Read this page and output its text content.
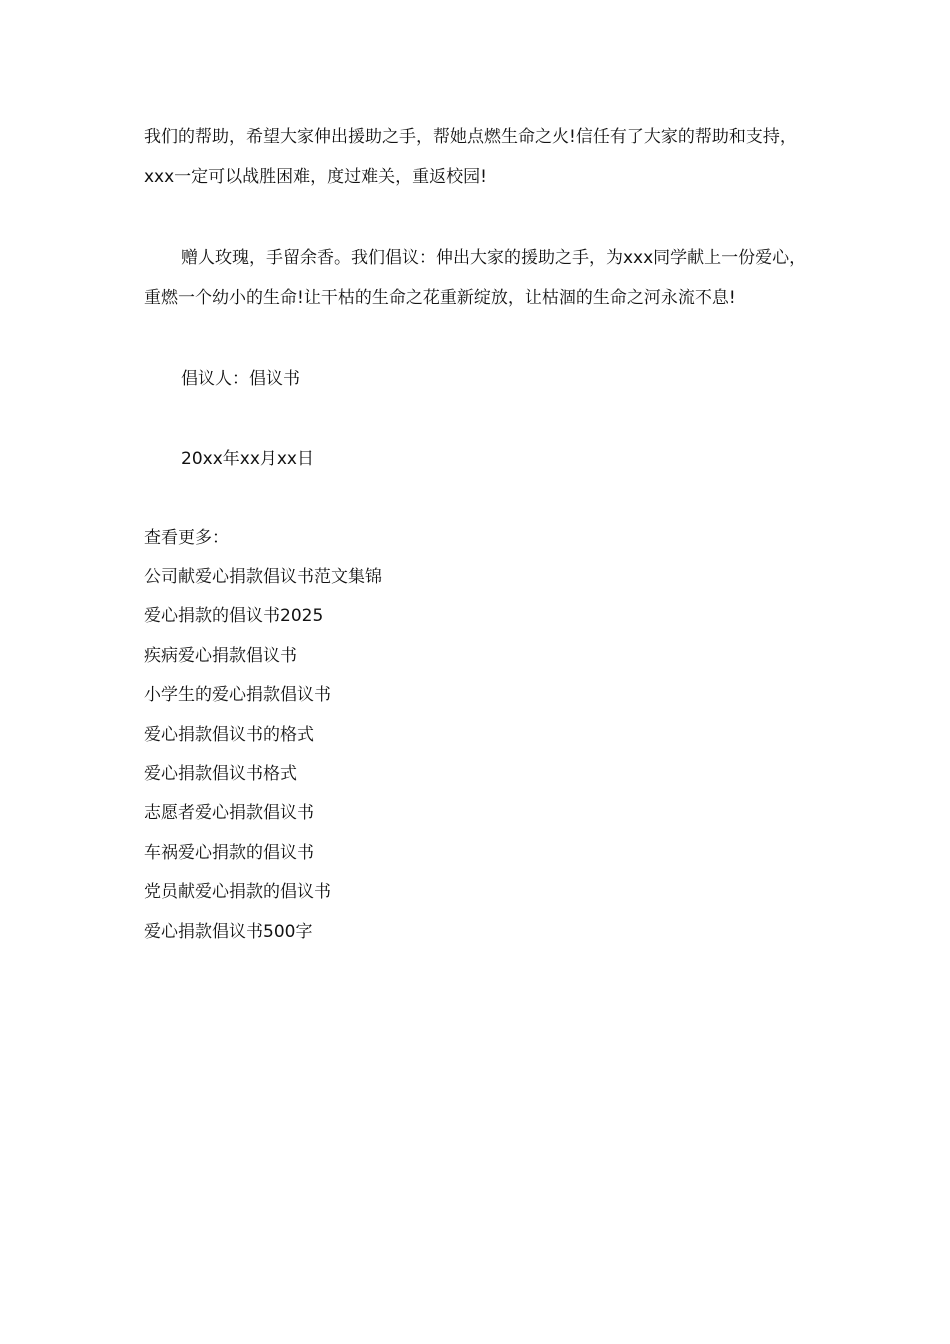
我们的帮助，希望大家伸出援助之手，帮她点燃生命之火!信任有了大家的帮助和支持，xxx一定可以战胜困难，度过难关，重返校园!

赠人玫瑰，手留余香。我们倡议：伸出大家的援助之手，为xxx同学献上一份爱心，重燃一个幼小的生命!让干枯的生命之花重新绽放，让枯涸的生命之河永流不息!

倡议人：倡议书

20xx年xx月xx日

查看更多：

公司献爱心捐款倡议书范文集锦
爱心捐款的倡议书2025
疾病爱心捐款倡议书
小学生的爱心捐款倡议书
爱心捐款倡议书的格式
爱心捐款倡议书格式
志愿者爱心捐款倡议书
车祸爱心捐款的倡议书
党员献爱心捐款的倡议书
爱心捐款倡议书500字
